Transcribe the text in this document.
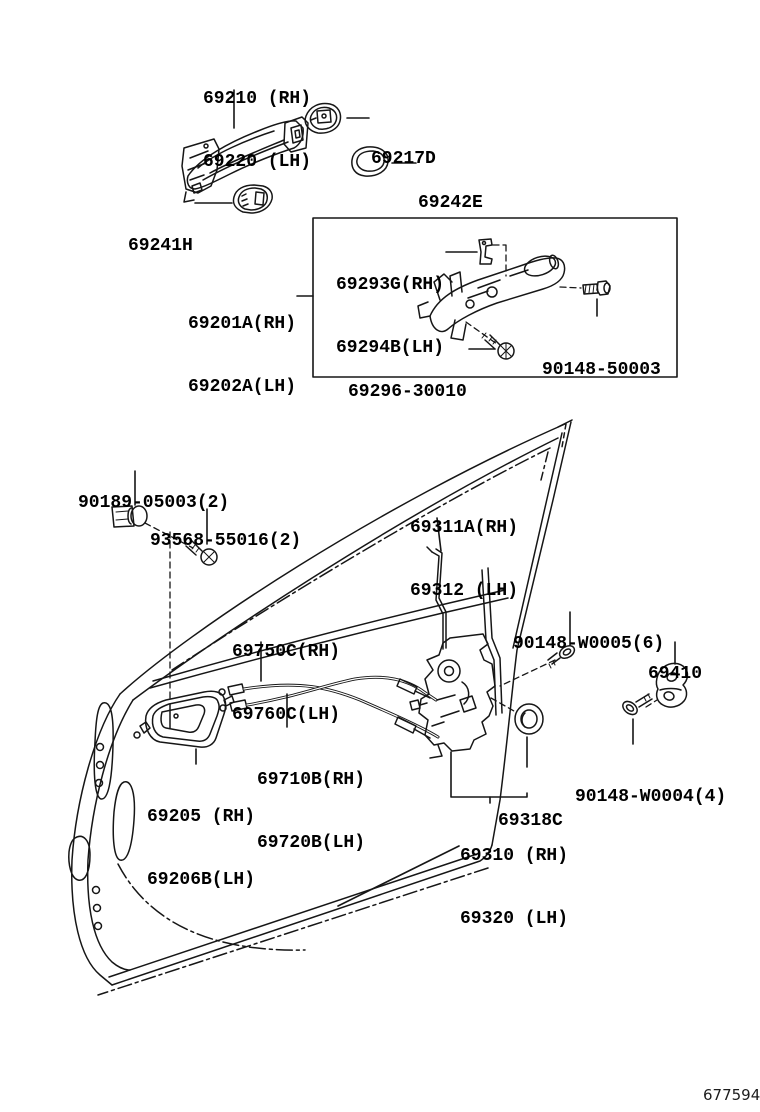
69210 (RH)

69220 (LH)

	69217D

69242E

69241H

69293G(RH)

69294B(LH)

69201A(RH)

69202A(LH)

90148-50003

69296-30010

90189-05003(2)

93568-55016(2)

69311A(RH)

69312 (LH)

69750C(RH)

69760C(LH)

90148-W0005(6)

69410

69710B(RH)

69720B(LH)

69205 (RH)

69206B(LH)

69318C

90148-W0004(4)

69310 (RH)

69320 (LH)

677594
